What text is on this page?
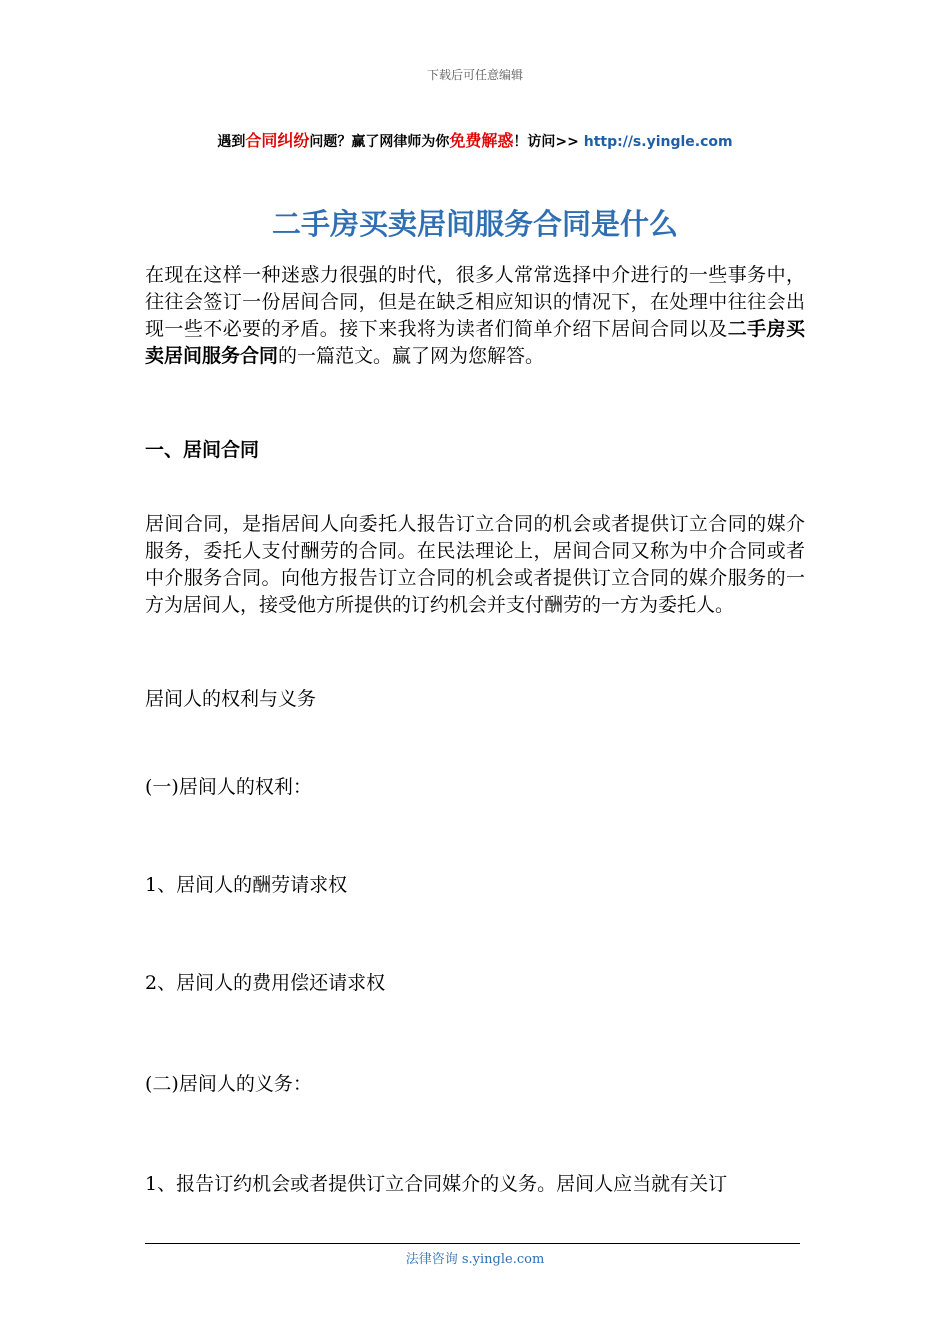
下载后可任意编辑
遇到合同纠纷问题？赢了网律师为你免费解惑！访问>> http://s.yingle.com
二手房买卖居间服务合同是什么
在现在这样一种迷惑力很强的时代，很多人常常选择中介进行的一些事务中，往往会签订一份居间合同，但是在缺乏相应知识的情况下，在处理中往往会出现一些不必要的矛盾。接下来我将为读者们简单介绍下居间合同以及二手房买卖居间服务合同的一篇范文。赢了网为您解答。
一、居间合同
居间合同，是指居间人向委托人报告订立合同的机会或者提供订立合同的媒介服务，委托人支付酬劳的合同。在民法理论上，居间合同又称为中介合同或者中介服务合同。向他方报告订立合同的机会或者提供订立合同的媒介服务的一方为居间人，接受他方所提供的订约机会并支付酬劳的一方为委托人。
居间人的权利与义务
(一)居间人的权利：
1、居间人的酬劳请求权
2、居间人的费用偿还请求权
(二)居间人的义务：
1、报告订约机会或者提供订立合同媒介的义务。居间人应当就有关订
法律咨询 s.yingle.com
